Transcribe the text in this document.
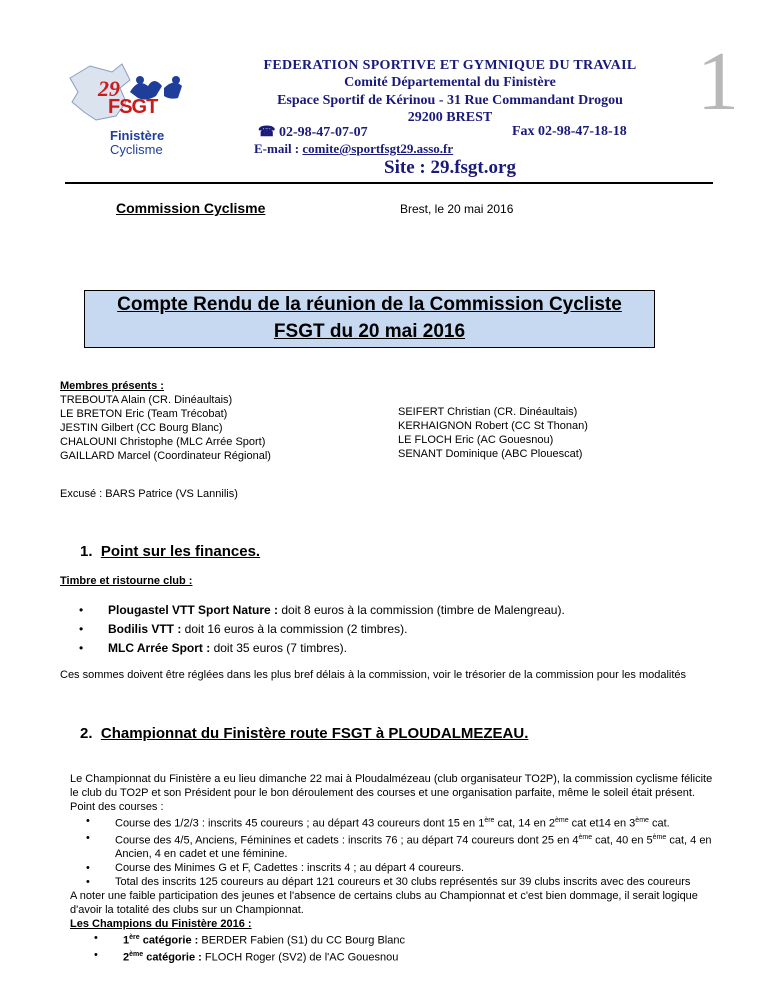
29
FSGT
Finistère
Cyclisme
FEDERATION SPORTIVE ET GYMNIQUE DU TRAVAIL
Comité Départemental du Finistère
Espace Sportif de Kérinou - 31 Rue Commandant Drogou
29200 BREST
☎ 02-98-47-07-07	Fax 02-98-47-18-18
E-mail : comite@sportfsgt29.asso.fr
Site : 29.fsgt.org
1
Commission Cyclisme	Brest, le 20 mai 2016
Compte Rendu de la réunion de la Commission Cycliste
FSGT du 20 mai 2016
Membres présents :
TREBOUTA Alain (CR. Dinéaultais)
LE BRETON Eric (Team Trécobat)
JESTIN Gilbert (CC Bourg Blanc)
CHALOUNI Christophe (MLC Arrée Sport)
GAILLARD Marcel (Coordinateur Régional)
SEIFERT Christian (CR. Dinéaultais)
KERHAIGNON Robert (CC St Thonan)
LE FLOCH Eric (AC Gouesnou)
SENANT Dominique (ABC Plouescat)
Excusé : BARS Patrice (VS Lannilis)
1. Point sur les finances.
Timbre et ristourne club :
• Plougastel VTT Sport Nature : doit 8 euros à la commission (timbre de Malengreau).
• Bodilis VTT : doit 16 euros à la commission (2 timbres).
• MLC Arrée Sport : doit 35 euros (7 timbres).
Ces sommes doivent être réglées dans les plus bref délais à la commission, voir le trésorier de la commission pour les modalités
2. Championnat du Finistère route FSGT à PLOUDALMEZEAU.
Le Championnat du Finistère a eu lieu dimanche 22 mai à Ploudalmézeau (club organisateur TO2P), la commission cyclisme félicite le club du TO2P et son Président pour le bon déroulement des courses et une organisation parfaite, même le soleil était présent.
Point des courses :
• Course des 1/2/3 : inscrits 45 coureurs ; au départ 43 coureurs dont 15 en 1ère cat, 14 en 2ème cat et14 en 3ème cat.
• Course des 4/5, Anciens, Féminines et cadets : inscrits 76 ; au départ 74 coureurs dont 25 en 4ème cat, 40 en 5ème cat, 4 en Ancien, 4 en cadet et une féminine.
• Course des Minimes G et F, Cadettes : inscrits 4 ; au départ 4 coureurs.
• Total des inscrits 125 coureurs au départ 121 coureurs et 30 clubs représentés sur 39 clubs inscrits avec des coureurs
A noter une faible participation des jeunes et l'absence de certains clubs au Championnat et c'est bien dommage, il serait logique d'avoir la totalité des clubs sur un Championnat.
Les Champions du Finistère 2016 :
• 1ère catégorie : BERDER Fabien (S1) du CC Bourg Blanc
• 2ème catégorie : FLOCH Roger (SV2) de l'AC Gouesnou
